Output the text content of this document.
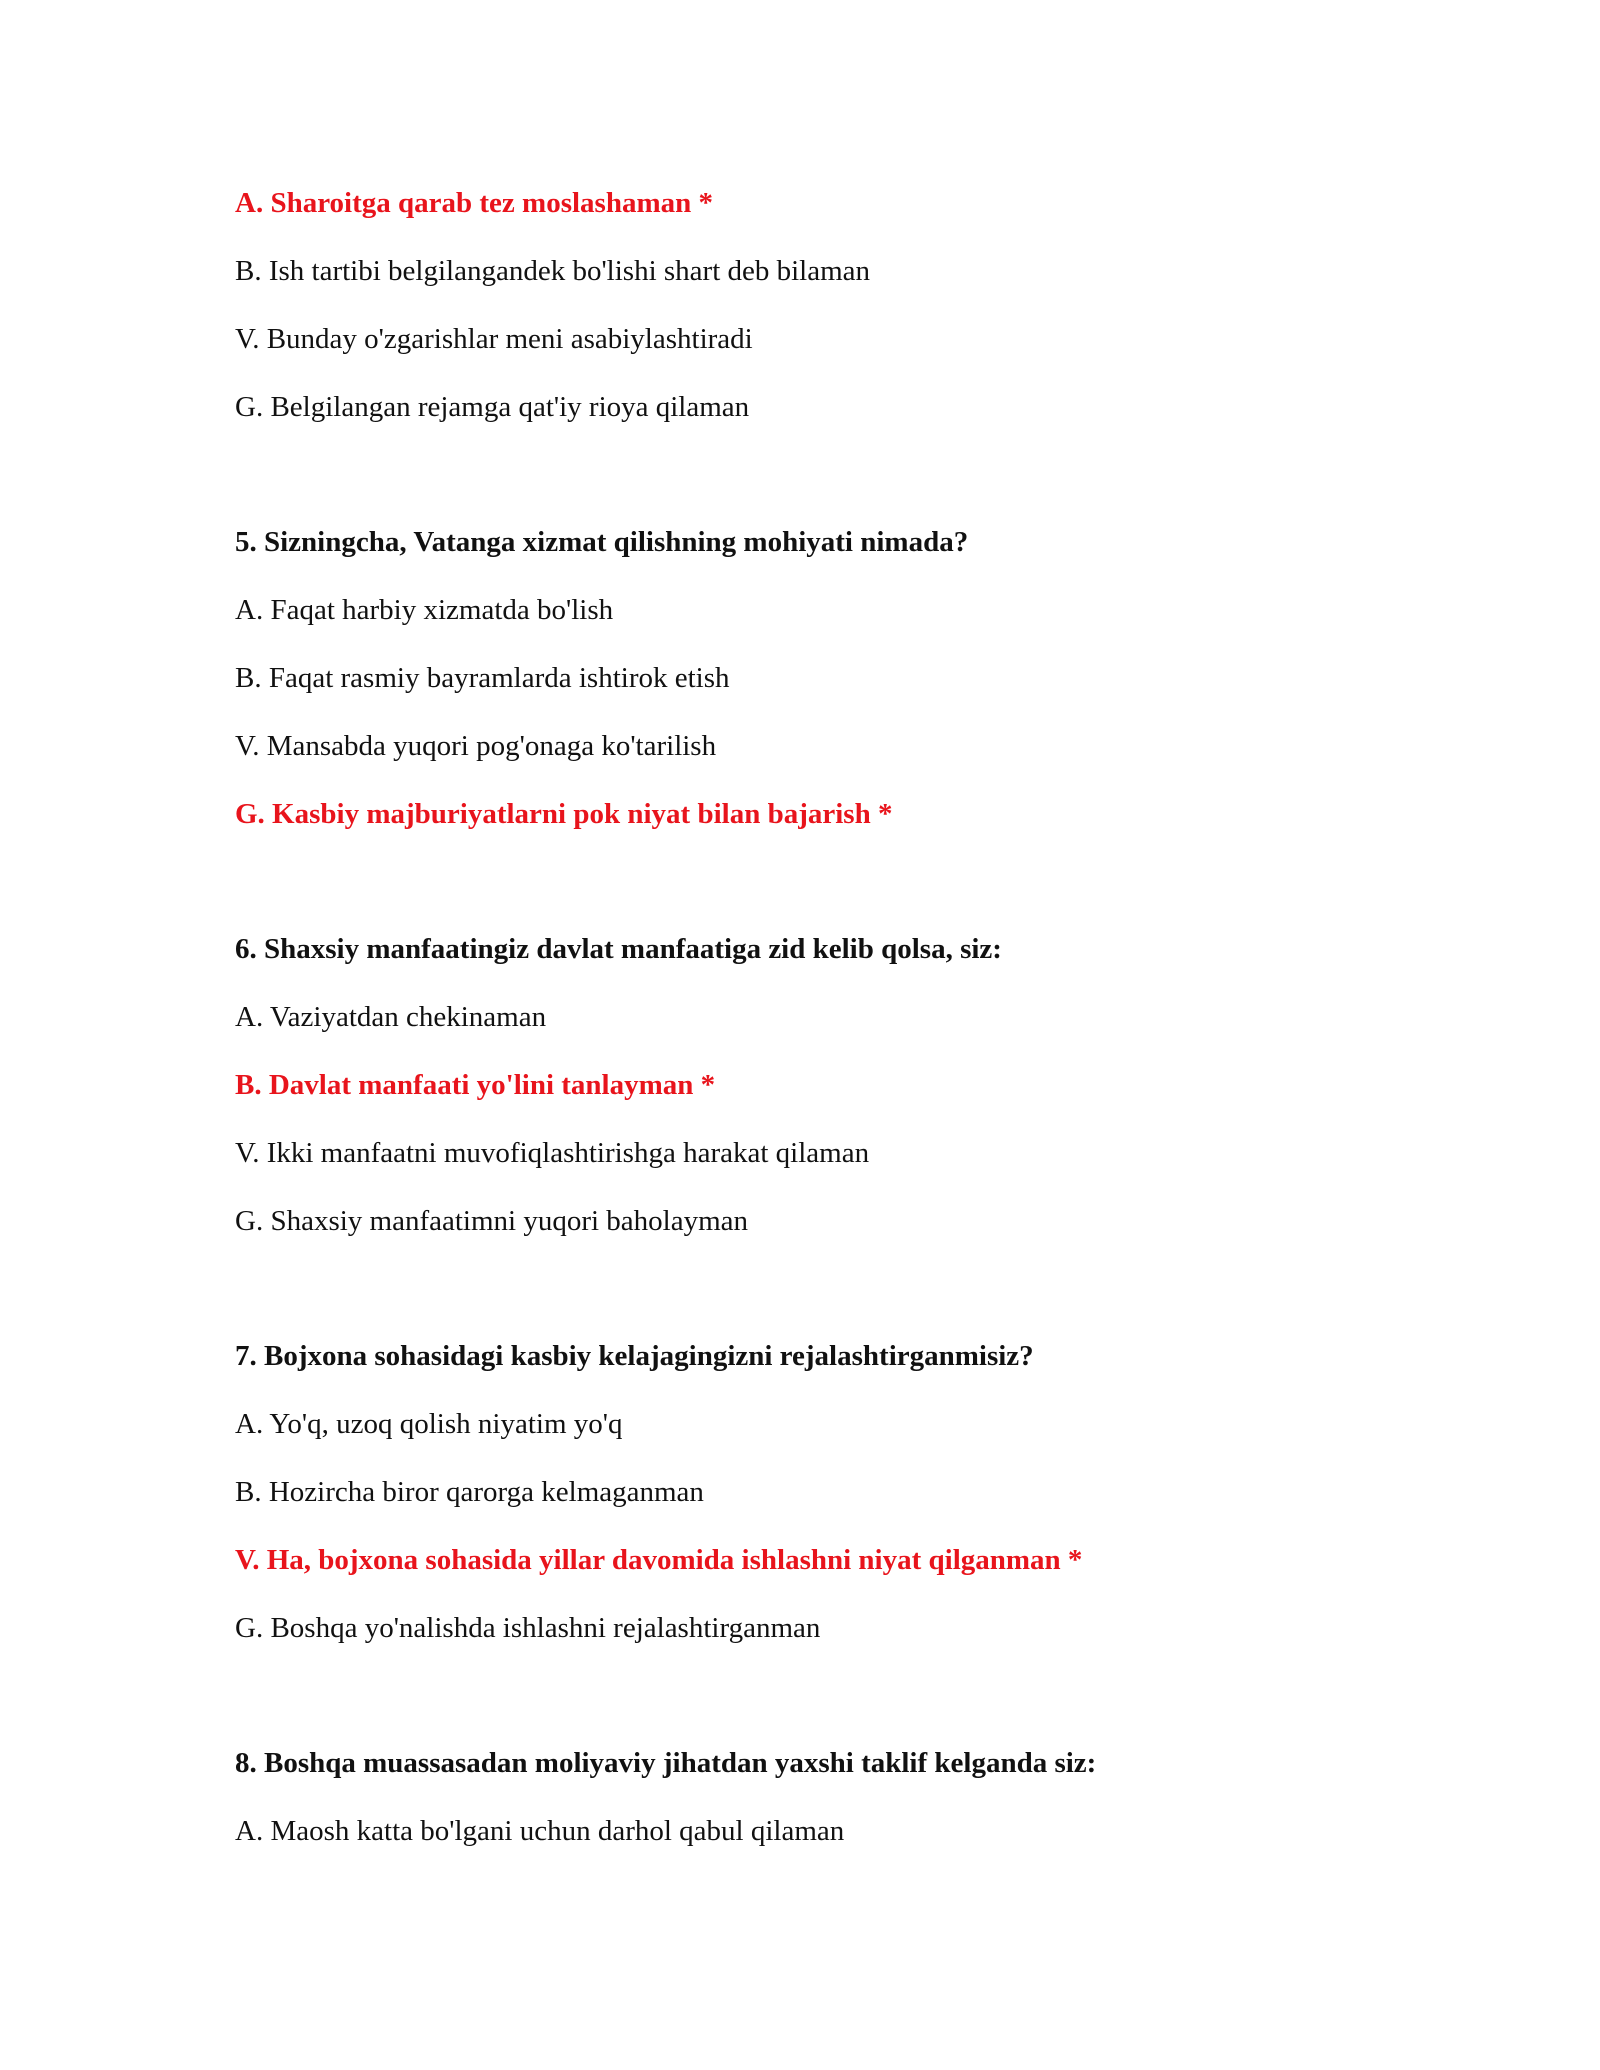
A. Sharoitga qarab tez moslashaman *

B. Ish tartibi belgilangandek bo'lishi shart deb bilaman

V. Bunday o'zgarishlar meni asabiylashtiradi

G. Belgilangan rejamga qat'iy rioya qilaman

5. Sizningcha, Vatanga xizmat qilishning mohiyati nimada?

A. Faqat harbiy xizmatda bo'lish

B. Faqat rasmiy bayramlarda ishtirok etish

V. Mansabda yuqori pog'onaga ko'tarilish

G. Kasbiy majburiyatlarni pok niyat bilan bajarish *

6. Shaxsiy manfaatingiz davlat manfaatiga zid kelib qolsa, siz:

A. Vaziyatdan chekinaman

B. Davlat manfaati yo'lini tanlayman *

V. Ikki manfaatni muvofiqlashtirishga harakat qilaman

G. Shaxsiy manfaatimni yuqori baholayman

7. Bojxona sohasidagi kasbiy kelajagingizni rejalashtirganmisiz?

A. Yo'q, uzoq qolish niyatim yo'q

B. Hozircha biror qarorga kelmaganman

V. Ha, bojxona sohasida yillar davomida ishlashni niyat qilganman *

G. Boshqa yo'nalishda ishlashni rejalashtirganman

8. Boshqa muassasadan moliyaviy jihatdan yaxshi taklif kelganda siz:

A. Maosh katta bo'lgani uchun darhol qabul qilaman
